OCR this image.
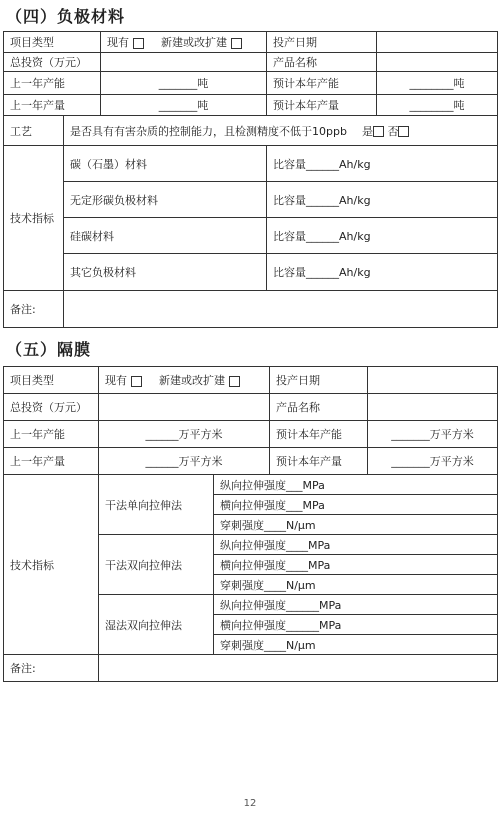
（四）负极材料
项目类型		现有 新建或改扩建	投产日期	
总投资（万元）			产品名称	
上一年产能		_______吨	预计本年产能	________吨
上一年产量		_______吨	预计本年产量	________吨
工艺	是否具有有害杂质的控制能力，且检测精度不低于10ppb 是 否			
技术指标	碳（石墨）材料		比容量______Ah/kg	
	无定形碳负极材料		比容量______Ah/kg	
	硅碳材料		比容量______Ah/kg	
	其它负极材料		比容量______Ah/kg	
备注:				
（五）隔膜
项目类型	现有 新建或改扩建		投产日期	
总投资（万元）			产品名称	
上一年产能	______万平方米		预计本年产能	_______万平方米
上一年产量	______万平方米		预计本年产量	_______万平方米
技术指标	干法单向拉伸法	纵向拉伸强度___MPa		
		横向拉伸强度___MPa		
		穿刺强度____N/μm		
	干法双向拉伸法	纵向拉伸强度____MPa		
		横向拉伸强度____MPa		
		穿刺强度____N/μm		
	湿法双向拉伸法	纵向拉伸强度______MPa		
		横向拉伸强度______MPa		
		穿刺强度____N/μm		
备注:				
12
